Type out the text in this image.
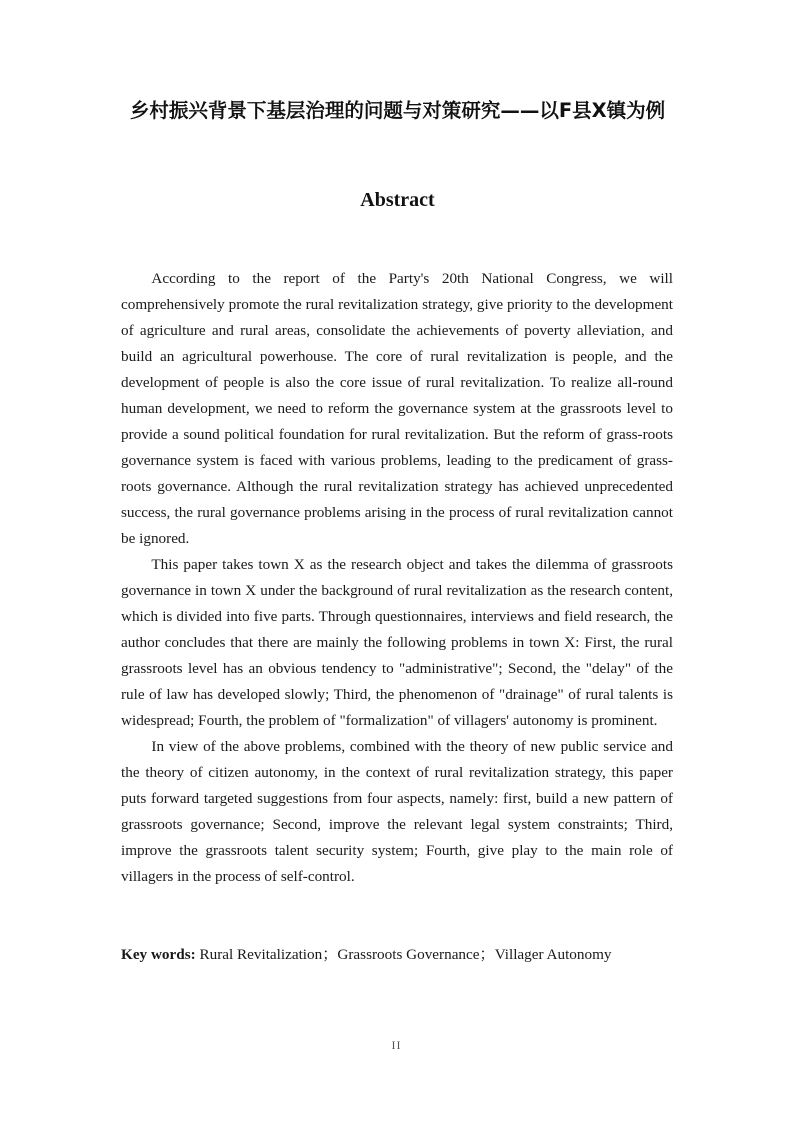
乡村振兴背景下基层治理的问题与对策研究——以F县X镇为例
Abstract

According to the report of the Party's 20th National Congress, we will comprehensively promote the rural revitalization strategy, give priority to the development of agriculture and rural areas, consolidate the achievements of poverty alleviation, and build an agricultural powerhouse. The core of rural revitalization is people, and the development of people is also the core issue of rural revitalization. To realize all-round human development, we need to reform the governance system at the grassroots level to provide a sound political foundation for rural revitalization. But the reform of grass-roots governance system is faced with various problems, leading to the predicament of grass-roots governance. Although the rural revitalization strategy has achieved unprecedented success, the rural governance problems arising in the process of rural revitalization cannot be ignored.

This paper takes town X as the research object and takes the dilemma of grassroots governance in town X under the background of rural revitalization as the research content, which is divided into five parts. Through questionnaires, interviews and field research, the author concludes that there are mainly the following problems in town X: First, the rural grassroots level has an obvious tendency to "administrative"; Second, the "delay" of the rule of law has developed slowly; Third, the phenomenon of "drainage" of rural talents is widespread; Fourth, the problem of "formalization" of villagers' autonomy is prominent.

In view of the above problems, combined with the theory of new public service and the theory of citizen autonomy, in the context of rural revitalization strategy, this paper puts forward targeted suggestions from four aspects, namely: first, build a new pattern of grassroots governance; Second, improve the relevant legal system constraints; Third, improve the grassroots talent security system; Fourth, give play to the main role of villagers in the process of self-control.

Key words: Rural Revitalization；Grassroots Governance；Villager Autonomy

II
